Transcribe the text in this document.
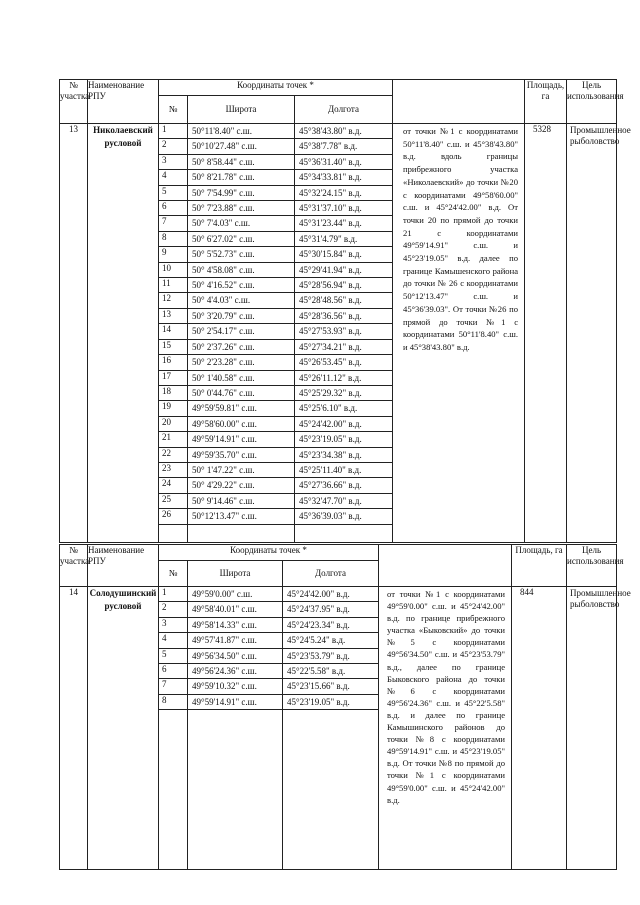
№ участка	Наименование РПУ	Координаты точек *				Площадь, га	Цель использования
		№	Широта	Долгота			
13	Николаевский русловой	1	50°11'8.40" с.ш.	45°38'43.80" в.д.	от точки №1 с координатами 50°11'8.40" с.ш. и 45°38'43.80" в.д. вдоль границы прибрежного участка «Николаевский» до точки №20 с координатами 49°58'60.00" с.ш. и 45°24'42.00" в.д. От точки 20 по прямой до точки 21 с координатами 49°59'14.91" с.ш. и 45°23'19.05" в.д. далее по границе Камышенского района до точки № 26 с координатами 50°12'13.47" с.ш. и 45°36'39.03". От точки №26 по прямой до точки №1 с координатами 50°11'8.40" с.ш. и 45°38'43.80" в.д.	5328	Промышленное рыболовство
		2	50°10'27.48" с.ш.	45°38'7.78" в.д.			
		3	50° 8'58.44" с.ш.	45°36'31.40" в.д.			
		4	50° 8'21.78" с.ш.	45°34'33.81" в.д.			
		5	50° 7'54.99" с.ш.	45°32'24.15" в.д.			
		6	50° 7'23.88" с.ш.	45°31'37.10" в.д.			
		7	50° 7'4.03" с.ш.	45°31'23.44" в.д.			
		8	50° 6'27.02" с.ш.	45°31'4.79" в.д.			
		9	50° 5'52.73" с.ш.	45°30'15.84" в.д.			
		10	50° 4'58.08" с.ш.	45°29'41.94" в.д.			
		11	50° 4'16.52" с.ш.	45°28'56.94" в.д.			
		12	50° 4'4.03" с.ш.	45°28'48.56" в.д.			
		13	50° 3'20.79" с.ш.	45°28'36.56" в.д.			
		14	50° 2'54.17" с.ш.	45°27'53.93" в.д.			
		15	50° 2'37.26" с.ш.	45°27'34.21" в.д.			
		16	50° 2'23.28" с.ш.	45°26'53.45" в.д.			
		17	50° 1'40.58" с.ш.	45°26'11.12" в.д.			
		18	50° 0'44.76" с.ш.	45°25'29.32" в.д.			
		19	49°59'59.81" с.ш.	45°25'6.10" в.д.			
		20	49°58'60.00" с.ш.	45°24'42.00" в.д.			
		21	49°59'14.91" с.ш.	45°23'19.05" в.д.			
		22	49°59'35.70" с.ш.	45°23'34.38" в.д.			
		23	50° 1'47.22" с.ш.	45°25'11.40" в.д.			
		24	50° 4'29.22" с.ш.	45°27'36.66" в.д.			
		25	50° 9'14.46" с.ш.	45°32'47.70" в.д.			
		26	50°12'13.47" с.ш.	45°36'39.03" в.д.			

№ участка	Наименование РПУ	Координаты точек *				Площадь, га	Цель использования
		№	Широта	Долгота			
14	Солодушинский русловой	1	49°59'0.00" с.ш.	45°24'42.00" в.д.	от точки №1 с координатами 49°59'0.00" с.ш. и 45°24'42.00" в.д. по границе прибрежного участка «Быковский» до точки №5 с координатами 49°56'34.50" с.ш. и 45°23'53.79" в.д., далее по границе Быковского района до точки №6 с координатами 49°56'24.36" с.ш. и 45°22'5.58" в.д. и далее по границе Камышинского районов до точки №8 с координатами 49°59'14.91" с.ш. и 45°23'19.05" в.д. От точки №8 по прямой до точки №1 с координатами 49°59'0.00" с.ш. и 45°24'42.00" в.д.	844	Промышленное рыболовство
		2	49°58'40.01" с.ш.	45°24'37.95" в.д.			
		3	49°58'14.33" с.ш.	45°24'23.34" в.д.			
		4	49°57'41.87" с.ш.	45°24'5.24" в.д.			
		5	49°56'34.50" с.ш.	45°23'53.79" в.д.			
		6	49°56'24.36" с.ш.	45°22'5.58" в.д.			
		7	49°59'10.32" с.ш.	45°23'15.66" в.д.			
		8	49°59'14.91" с.ш.	45°23'19.05" в.д.			
